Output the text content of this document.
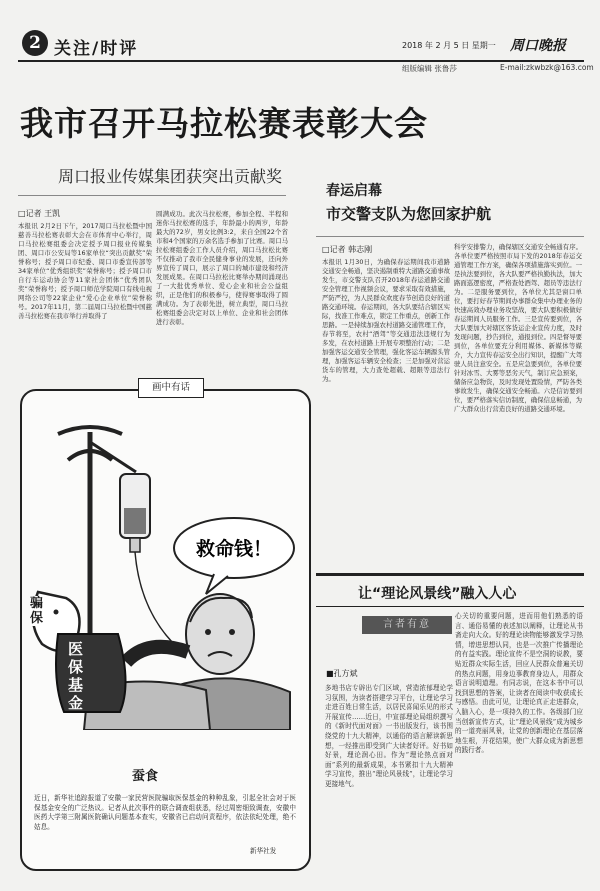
2 关注/时评	2018 年 2 月 5 日 星期一 周口晚报
组版编辑 张鲁莎	E-mail:zkwbzk@163.com
我市召开马拉松赛表彰大会
周口报业传媒集团获突出贡献奖
□记者 王凯
本报讯 2月2日下午，2017周口马拉松暨中国慈善马拉松赛表彰大会在市体育中心举行，周口马拉松赛组委会决定授予周口报业传媒集团、周口市公安局等16家单位“突出贡献奖”荣誉称号；授予周口市纪委、周口市委宣传部等34家单位“优秀组织奖”荣誉称号；授予周口市自行车运动协会等11家社会团体“优秀团队奖”荣誉称号；授予周口师范学院周口有线电视网络公司等22家企业“爱心企业单位”荣誉称号。2017年11月，第二届周口马拉松暨中国慈善马拉松赛在我市举行并取得了
圆满成功。此次马拉松赛，参加全程、半程和迷你马拉松赛的选手，年龄最小的两岁，年龄最大的72岁，男女比例3:2，来自全国22个省市和4个国家的万余名选手参加了比赛。周口马拉松赛组委会工作人员介绍，周口马拉松比赛不仅推动了我市全民健身事业的发展，还向外界宣传了周口，展示了周口的城市建设和经济发展成果。在周口马拉松比赛举办期间涌现出了一大批优秀单位、爱心企业和社会公益组织，正是他们的积极参与，使得赛事取得了圆满成功。为了表彰先进，树立典型，周口马拉松赛组委会决定对以上单位、企业和社会团体进行表彰。
春运启幕
市交警支队为您回家护航
□记者 韩志刚
本报讯 1月30日，为确保春运期间我市道路交通安全畅通，坚决遏制重特大道路交通事故发生，市交警支队召开2018年春运道路交通安全管理工作视频会议，要求采取有效措施，严防严控，为人民群众欢度春节创造良好的道路交通环境。春运期间，各大队要结合辖区实际，找准工作难点，锁定工作重点，创新工作思路。一是持续加强农村道路交通管理工作，春节将至，农村“酒驾”等交通违法违规行为多发，在农村道路上开展专项整治行动；二是加强客运交通安全管理，强化客运车辆源头管理，加强客运车辆安全检查；三是加强对营运货车的管理，大力查处超载、超限等违法行为。
科学安排警力，确保辖区交通安全畅通有序。各单位要严格按照市局下发的2018年春运交通管理工作方案，确保各项措施落实到位。一是执法要到位，各大队要严格执勤执法，加大路面巡逻密度，严格查处酒驾、超员等违法行为。二是服务要到位，各单位尤其是窗口单位，要打好春节期间办事群众集中办理业务的快速高效办理业务攻坚战，要大队要积极做好春运期间人员服务工作。三是宣传要到位，各大队要加大对辖区客货运企业宣传力度，及时发现问题，抄告到位，通报到位。四是督导要到位，各单位要充分利用媒体、新媒体等媒介，大力宣传春运安全出行知识，提醒广大驾驶人员注意安全。五是应急要到位，各单位要针对冰雪、大雾等恶劣天气，制订应急预案，储备应急物资，及时发现处置险情，严防各类事故发生，确保交通安全畅通。六是信访要到位，要严格落实信访制度，确保信息畅通，为广大群众出行营造良好的道路交通环境。
画中有话
救命钱！
骗保
医保基金
蚕食
近日，新华社追踪报道了安徽一家民营医院骗取医保基金的种种乱象，引起全社会对于医保基金安全的广泛热议。记者从此次事件的联合调查组获悉，经过周密细致调查，安徽中医药大学第三附属医院确认问题基本查实，安徽省已启动问责程序，依法依纪处理，绝不姑息。
新华社发
让“理论风景线”融入人心
言者有意
■孔方斌
多地书店专辟出专门区域，营造浓郁理论学习氛围，为读者搭建学习平台，让理论学习走进百姓日常生活，以居民喜闻乐见的形式开展宣传……近日，中宣部理论局组织撰写的《新时代面对面》一书出版发行，该书围绕党的十九大精神，以通俗的语言解读新思想，一经推出即受到广大读者好评。好书如好景，理论润心田。作为“理论热点面对面”系列的最新成果，本书紧扣十九大精神学习宣传，推出“理论风景线”，让理论学习更接地气。
心关切的重要问题，进而用他们熟悉的语言、通俗易懂的表述加以阐释，让理论从书斋走向大众。好的理论读物能够激发学习热情，增进思想认同，也是一次推广传播理论的有益实践。理论宣传不是空洞的说教，要贴近群众实际生活，回应人民群众普遍关切的热点问题，用身边事教育身边人，用群众语言说明道理。有同志说，在这本书中可以找到思想的答案，让读者在阅读中收获成长与感悟。由此可见，让理论真正走进群众，入脑入心，是一项持久的工作。各级部门应当创新宣传方式，让“理论风景线”成为城乡的一道亮丽风景，让党的创新理论在基层落地生根，开花结果，使广大群众成为新思想的践行者。
